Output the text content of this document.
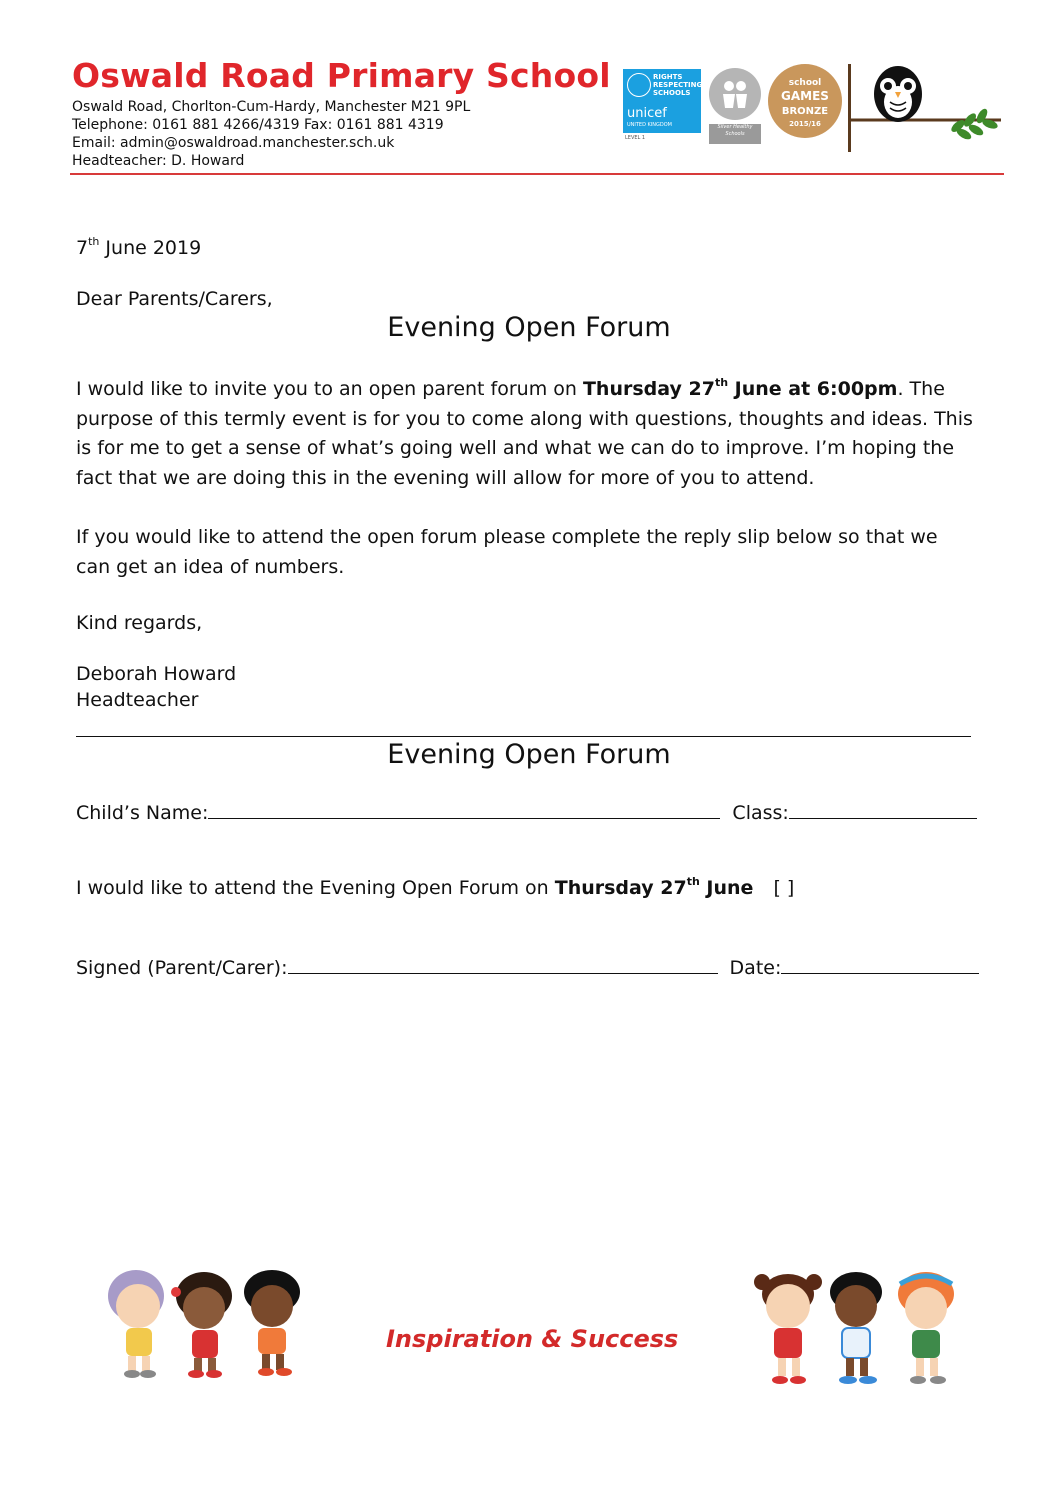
Oswald Road Primary School
Oswald Road, Chorlton-Cum-Hardy, Manchester M21 9PL
Telephone: 0161 881 4266/4319 Fax: 0161 881 4319
Email: admin@oswaldroad.manchester.sch.uk
Headteacher: D. Howard
RIGHTS
RESPECTING
SCHOOLS
unicef
UNITED KINGDOM
LEVEL 1
Silver Healthy Schools
school
GAMES
BRONZE
2015/16
7th June 2019
Dear Parents/Carers,
Evening Open Forum
I would like to invite you to an open parent forum on Thursday 27th June at 6:00pm. The purpose of this termly event is for you to come along with questions, thoughts and ideas. This is for me to get a sense of what’s going well and what we can do to improve. I’m hoping the fact that we are doing this in the evening will allow for more of you to attend.
If you would like to attend the open forum please complete the reply slip below so that we can get an idea of numbers.
Kind regards,
Deborah Howard
Headteacher
Evening Open Forum
Child’s Name:	Class:
I would like to attend the Evening Open Forum on Thursday 27th June [ ]
Signed (Parent/Carer):	Date:
Inspiration & Success
